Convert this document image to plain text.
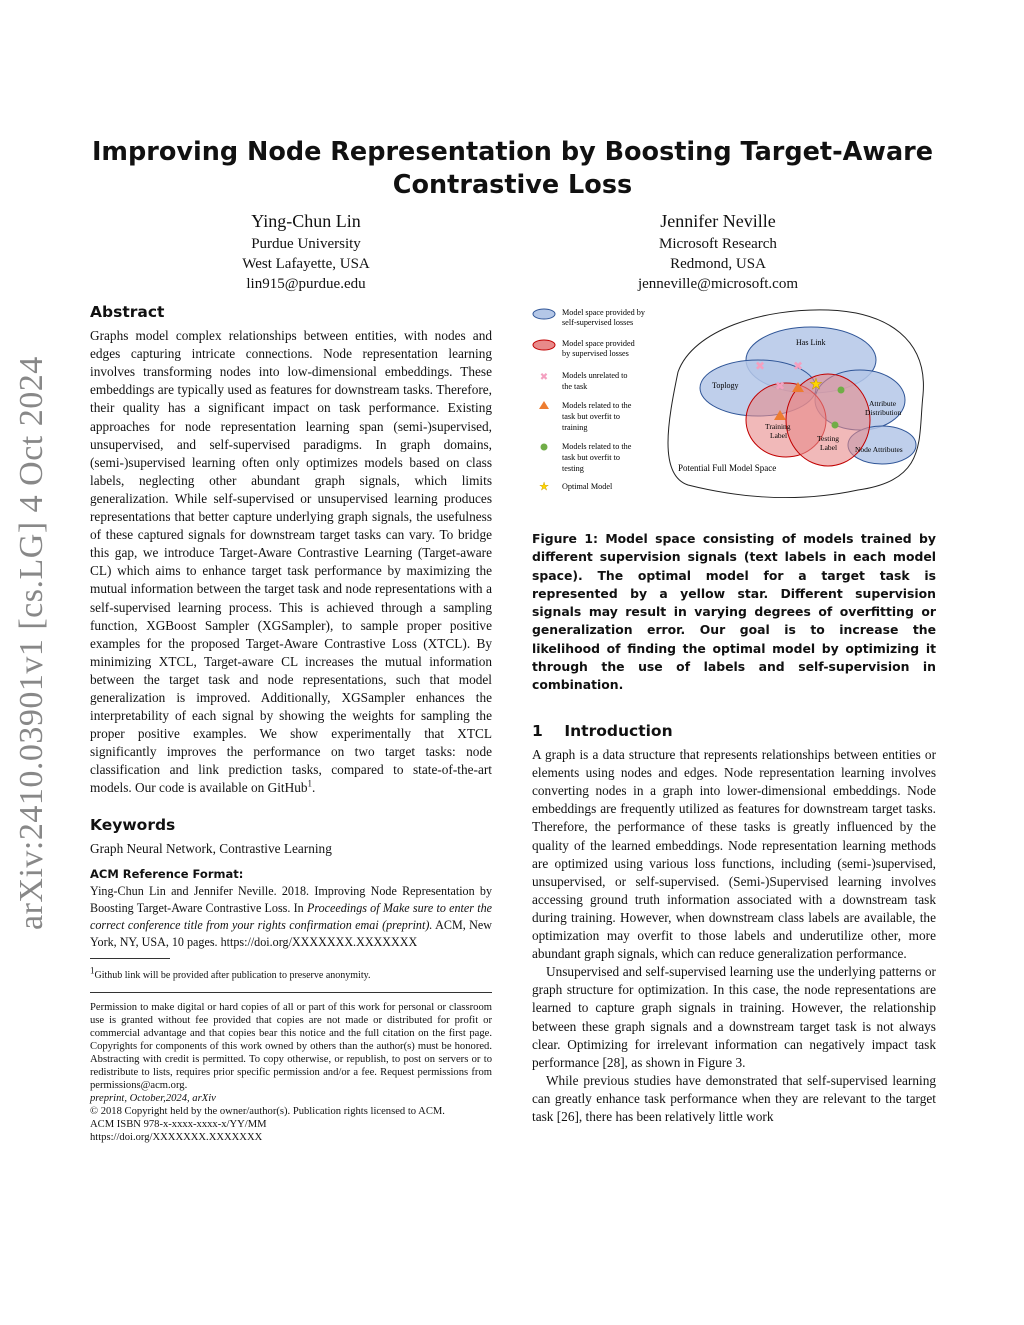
arXiv:2410.03901v1 [cs.LG] 4 Oct 2024
Improving Node Representation by Boosting Target-Aware Contrastive Loss
Ying-Chun Lin
Purdue University
West Lafayette, USA
lin915@purdue.edu
Jennifer Neville
Microsoft Research
Redmond, USA
jenneville@microsoft.com
Abstract

Graphs model complex relationships between entities, with nodes and edges capturing intricate connections. Node representation learning involves transforming nodes into low-dimensional embeddings. These embeddings are typically used as features for downstream tasks. Therefore, their quality has a significant impact on task performance. Existing approaches for node representation learning span (semi-)supervised, unsupervised, and self-supervised paradigms. In graph domains, (semi-)supervised learning often only optimizes models based on class labels, neglecting other abundant graph signals, which limits generalization. While self-supervised or unsupervised learning produces representations that better capture underlying graph signals, the usefulness of these captured signals for downstream target tasks can vary. To bridge this gap, we introduce Target-Aware Contrastive Learning (Target-aware CL) which aims to enhance target task performance by maximizing the mutual information between the target task and node representations with a self-supervised learning process. This is achieved through a sampling function, XGBoost Sampler (XGSampler), to sample proper positive examples for the proposed Target-Aware Contrastive Loss (XTCL). By minimizing XTCL, Target-aware CL increases the mutual information between the target task and node representations, such that model generalization is improved. Additionally, XGSampler enhances the interpretability of each signal by showing the weights for sampling the proper positive examples. We show experimentally that XTCL significantly improves the performance on two target tasks: node classification and link prediction tasks, compared to state-of-the-art models. Our code is available on GitHub$^1$.

Keywords

Graph Neural Network, Contrastive Learning

ACM Reference Format:

Ying-Chun Lin and Jennifer Neville. 2018. Improving Node Representation by Boosting Target-Aware Contrastive Loss. In Proceedings of Make sure to enter the correct conference title from your rights confirmation emai (preprint). ACM, New York, NY, USA, 10 pages. https://doi.org/XXXXXXX.XXXXXXX

$^1$Github link will be provided after publication to preserve anonymity.

Permission to make digital or hard copies of all or part of this work for personal or classroom use is granted without fee provided that copies are not made or distributed for profit or commercial advantage and that copies bear this notice and the full citation on the first page. Copyrights for components of this work owned by others than the author(s) must be honored. Abstracting with credit is permitted. To copy otherwise, or republish, to post on servers or to redistribute to lists, requires prior specific permission and/or a fee. Request permissions from permissions@acm.org.

preprint, October,2024, arXiv

© 2018 Copyright held by the owner/author(s). Publication rights licensed to ACM.

ACM ISBN 978-x-xxxx-xxxx-x/YY/MM

https://doi.org/XXXXXXX.XXXXXXX

✖
✖
✖
★
Has Link
Toplogy
Attribute
Distribution
Training
Label	Testing
Label Node Attributes
Potential Full Model Space
Model space provided by
self-supervised losses
Model space provided
by supervised losses
✖ Models unrelated to
the task
Models related to the
task but overfit to
training
Models related to the
task but overfit to
testing
★ Optimal Model

Figure 1: Model space consisting of models trained by different supervision signals (text labels in each model space). The optimal model for a target task is represented by a yellow star. Different supervision signals may result in varying degrees of overfitting or generalization error. Our goal is to increase the likelihood of finding the optimal model by optimizing it through the use of labels and self-supervision in combination.

1    Introduction

A graph is a data structure that represents relationships between entities or elements using nodes and edges. Node representation learning involves converting nodes in a graph into lower-dimensional embeddings. Node embeddings are frequently utilized as features for downstream target tasks. Therefore, the performance of these tasks is greatly influenced by the quality of the learned embeddings. Node representation learning methods are optimized using various loss functions, including (semi-)supervised, unsupervised, or self-supervised. (Semi-)Supervised learning involves accessing ground truth information associated with a downstream task during training. However, when downstream class labels are available, the optimization may overfit to those labels and underutilize other, more abundant graph signals, which can reduce generalization performance.

Unsupervised and self-supervised learning use the underlying patterns or graph structure for optimization. In this case, the node representations are learned to capture graph signals in training. However, the relationship between these graph signals and a downstream target task is not always clear. Optimizing for irrelevant information can negatively impact task performance [28], as shown in Figure 3.

While previous studies have demonstrated that self-supervised learning can greatly enhance task performance when they are relevant to the target task [26], there has been relatively little work
